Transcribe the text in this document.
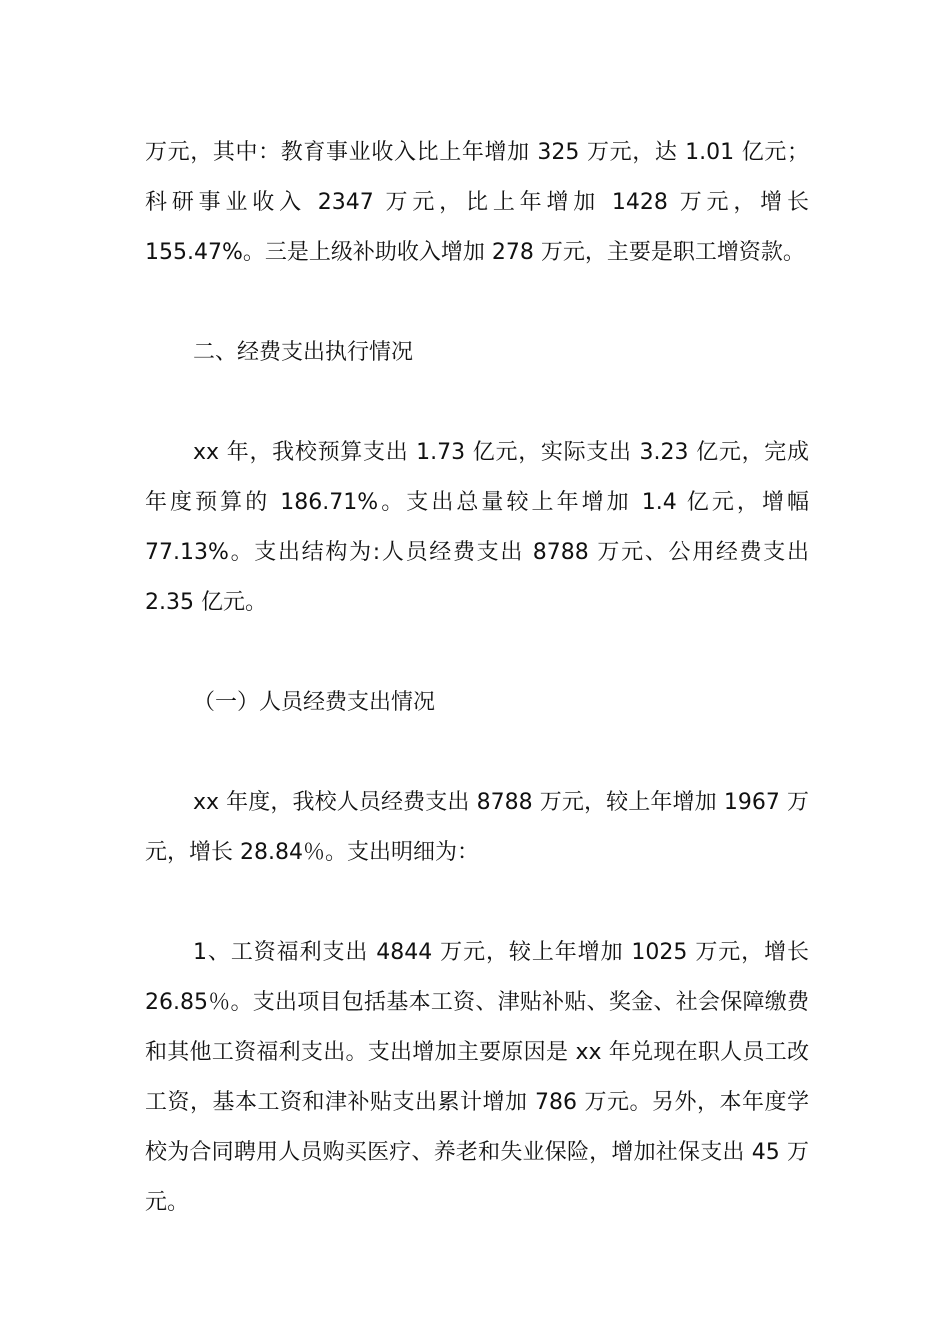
万元，其中：教育事业收入比上年增加 325 万元，达 1.01 亿元；科研事业收入 2347 万元，比上年增加 1428 万元，增长 155.47%。三是上级补助收入增加 278 万元，主要是职工增资款。

二、经费支出执行情况

xx 年，我校预算支出 1.73 亿元，实际支出 3.23 亿元，完成年度预算的 186.71%。支出总量较上年增加 1.4 亿元，增幅 77.13%。支出结构为:人员经费支出 8788 万元、公用经费支出 2.35 亿元。

（一）人员经费支出情况

xx 年度，我校人员经费支出 8788 万元，较上年增加 1967 万元，增长 28.84％。支出明细为：

1、工资福利支出 4844 万元，较上年增加 1025 万元，增长 26.85％。支出项目包括基本工资、津贴补贴、奖金、社会保障缴费和其他工资福利支出。支出增加主要原因是 xx 年兑现在职人员工改工资，基本工资和津补贴支出累计增加 786 万元。另外，本年度学校为合同聘用人员购买医疗、养老和失业保险，增加社保支出 45 万元。
